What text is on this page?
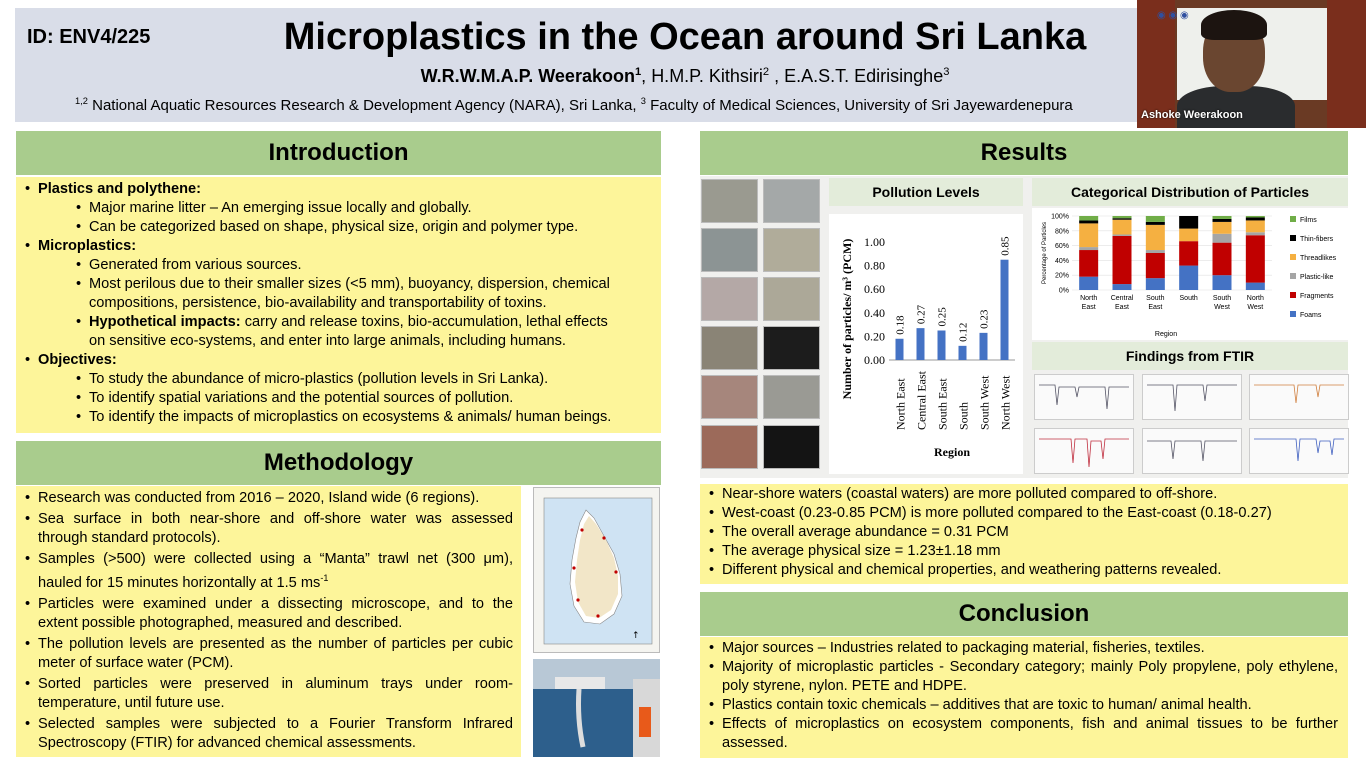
ID: ENV4/225	Microplastics in the Ocean around Sri Lanka
W.R.W.M.A.P. Weerakoon$^1$, H.M.P. Kithsiri$^2$ , E.A.S.T. Edirisinghe$^3$
$^{1,2}$ National Aquatic Resources Research & Development Agency (NARA), Sri Lanka, $^3$ Faculty of Medical Sciences, University of Sri Jayewardenepura
◉ ◉ ◉
Ashoke Weerakoon
Introduction
• Plastics and polythene:
• Major marine litter – An emerging issue locally and globally.
• Can be categorized based on shape, physical size, origin and polymer type.
• Microplastics:
• Generated from various sources.
• Most perilous due to their smaller sizes (<5 mm), buoyancy, dispersion, chemical
compositions, persistence, bio-availability and transportability of toxins.
• Hypothetical impacts: carry and release toxins, bio-accumulation, lethal effects
on sensitive eco-systems, and enter into large animals, including humans.
• Objectives:
• To study the abundance of micro-plastics (pollution levels in Sri Lanka).
• To identify spatial variations and the potential sources of pollution.
• To identify the impacts of microplastics on ecosystems & animals/ human beings.
Methodology
• Research was conducted from 2016 – 2020, Island wide (6 regions).
• Sea surface in both near-shore and off-shore water was assessed through standard protocols).
• Samples (>500) were collected using a “Manta” trawl net (300 μm), hauled for 15 minutes horizontally at 1.5 $ms^{-1}$
• Particles were examined under a dissecting microscope, and to the extent possible photographed, measured and described.
• The pollution levels are presented as the number of particles per cubic meter of surface water (PCM).
• Sorted particles were preserved in aluminum trays under room-temperature, until future use.
• Selected samples were subjected to a Fourier Transform Infrared Spectroscopy (FTIR) for advanced chemical assessments.
↑
Results
Pollution Levels
0.00
0.20
0.40
0.60
0.80
1.00
Number of particles/ m³ (PCM)	0.18
North East
0.27
Central East
0.25
South East
0.12
South
0.23
South West
0.85
North West
Region
Categorical Distribution of Particles
0%
20%
40%
60%
80%
100%
Percentage of Particles
North
East
Central
East
South
East
South South
West
North
West
Region
Films
Thin-fibers
Threadlikes
Plastic-like
Fragments
Foams
Findings from FTIR
• Near-shore waters (coastal waters) are more polluted compared to off-shore.
• West-coast (0.23-0.85 PCM) is more polluted compared to the East-coast (0.18-0.27)
• The overall average abundance = 0.31 PCM
• The average physical size = 1.23±1.18 mm
• Different physical and chemical properties, and weathering patterns revealed.
Conclusion
• Major sources – Industries related to packaging material, fisheries, textiles.
• Majority of microplastic particles - Secondary category; mainly Poly propylene, poly ethylene, poly styrene, nylon. PETE and HDPE.
• Plastics contain toxic chemicals – additives that are toxic to human/ animal health.
• Effects of microplastics on ecosystem components, fish and animal tissues to be further assessed.
